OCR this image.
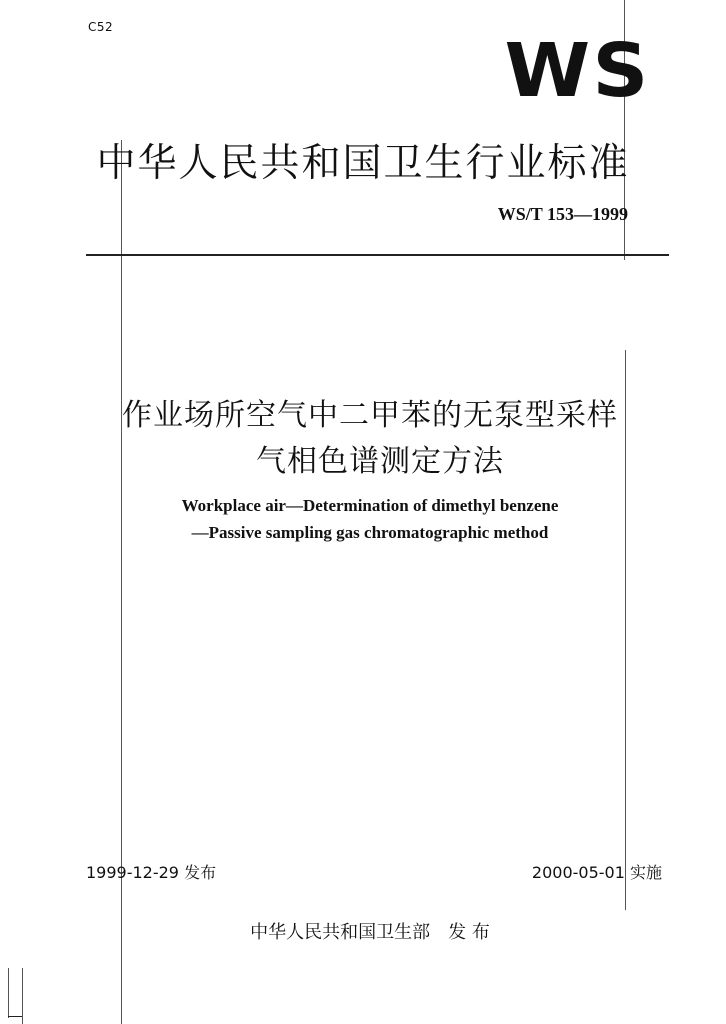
C52
WS
中华人民共和国卫生行业标准
WS/T 153—1999
作业场所空气中二甲苯的无泵型采样
气相色谱测定方法
Workplace air—Determination of dimethyl benzene
—Passive sampling gas chromatographic method
1999-12-29 发布	2000-05-01 实施
中华人民共和国卫生部　发 布
